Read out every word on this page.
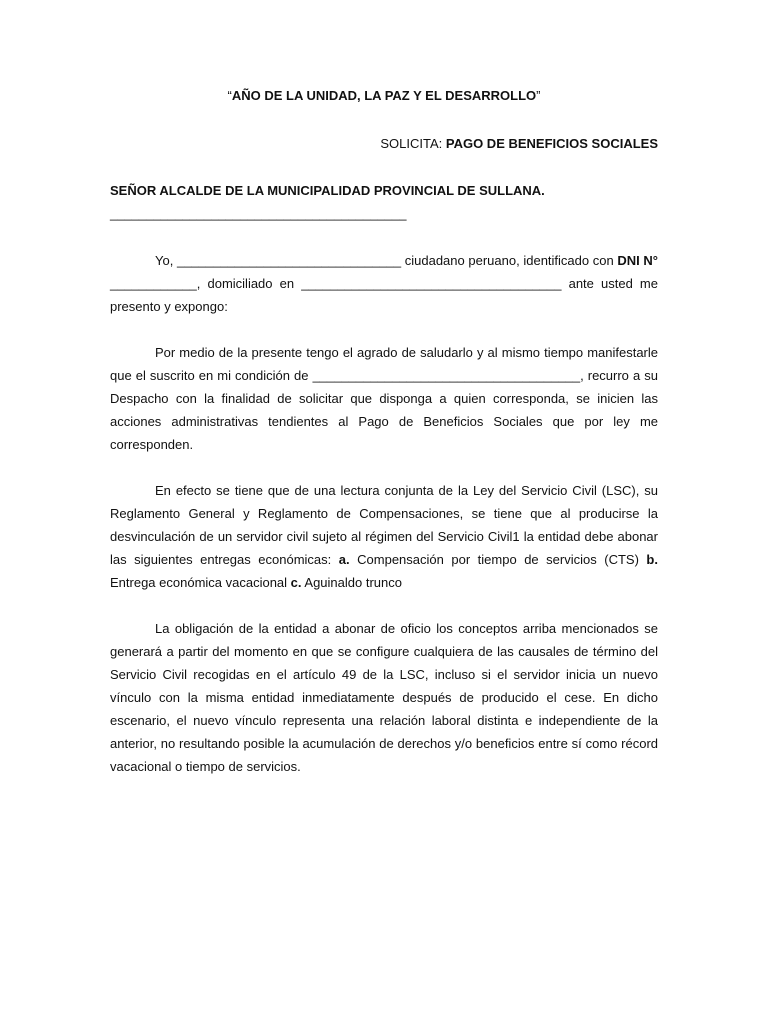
“AÑO DE LA UNIDAD, LA PAZ Y EL DESARROLLO”
SOLICITA: PAGO DE BENEFICIOS SOCIALES
SEÑOR ALCALDE DE LA MUNICIPALIDAD PROVINCIAL DE SULLANA.
_________________________________________

Yo, _______________________________ ciudadano peruano, identificado con DNI N° ____________, domiciliado en ____________________________________ ante usted me presento y expongo:

Por medio de la presente tengo el agrado de saludarlo y al mismo tiempo manifestarle que el suscrito en mi condición de _____________________________________, recurro a su Despacho con la finalidad de solicitar que disponga a quien corresponda, se inicien las acciones administrativas tendientes al Pago de Beneficios Sociales que por ley me corresponden.

En efecto se tiene que de una lectura conjunta de la Ley del Servicio Civil (LSC), su Reglamento General y Reglamento de Compensaciones, se tiene que al producirse la desvinculación de un servidor civil sujeto al régimen del Servicio Civil1 la entidad debe abonar las siguientes entregas económicas: a. Compensación por tiempo de servicios (CTS) b. Entrega económica vacacional c. Aguinaldo trunco

La obligación de la entidad a abonar de oficio los conceptos arriba mencionados se generará a partir del momento en que se configure cualquiera de las causales de término del Servicio Civil recogidas en el artículo 49 de la LSC, incluso si el servidor inicia un nuevo vínculo con la misma entidad inmediatamente después de producido el cese. En dicho escenario, el nuevo vínculo representa una relación laboral distinta e independiente de la anterior, no resultando posible la acumulación de derechos y/o beneficios entre sí como récord vacacional o tiempo de servicios.
